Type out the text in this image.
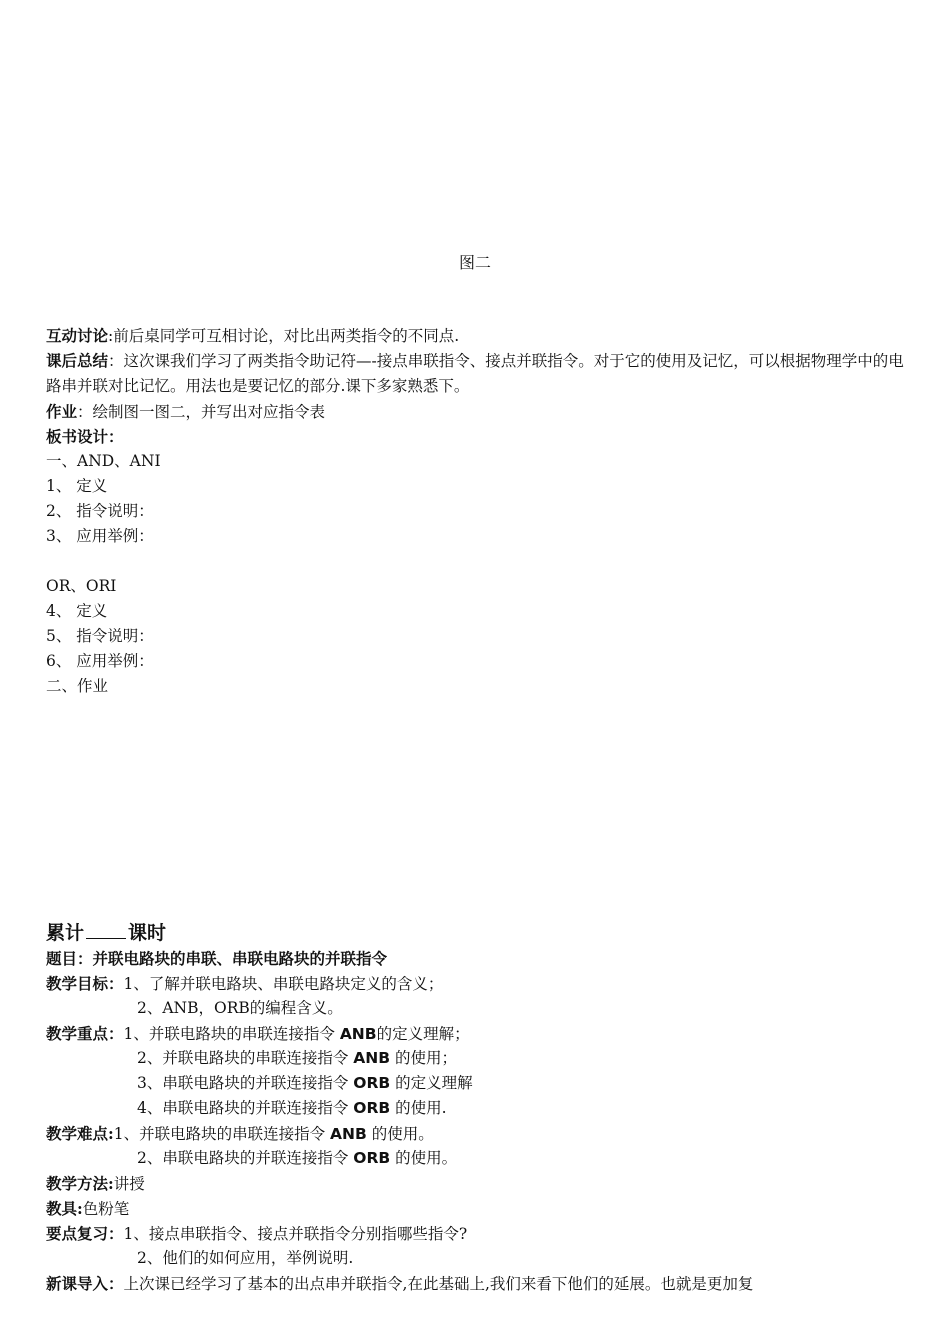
图二
互动讨论:前后桌同学可互相讨论，对比出两类指令的不同点.
课后总结：这次课我们学习了两类指令助记符—-接点串联指令、接点并联指令。对于它的使用及记忆，可以根据物理学中的电路串并联对比记忆。用法也是要记忆的部分.课下多家熟悉下。
作业：绘制图一图二，并写出对应指令表
板书设计：
一、AND、ANI
1、 定义
2、 指令说明：
3、 应用举例：
OR、ORI
4、 定义
5、 指令说明：
6、 应用举例：
二、作业
累计 课时
题目：并联电路块的串联、串联电路块的并联指令
教学目标：1、了解并联电路块、串联电路块定义的含义；
2、ANB，ORB的编程含义。
教学重点：1、并联电路块的串联连接指令 ANB的定义理解；
2、并联电路块的串联连接指令 ANB 的使用；
3、串联电路块的并联连接指令 ORB 的定义理解
4、串联电路块的并联连接指令 ORB 的使用.
教学难点:1、并联电路块的串联连接指令 ANB 的使用。
2、串联电路块的并联连接指令 ORB 的使用。
教学方法:讲授
教具:色粉笔
要点复习：1、接点串联指令、接点并联指令分别指哪些指令?
2、他们的如何应用，举例说明.
新课导入：上次课已经学习了基本的出点串并联指令,在此基础上,我们来看下他们的延展。也就是更加复
